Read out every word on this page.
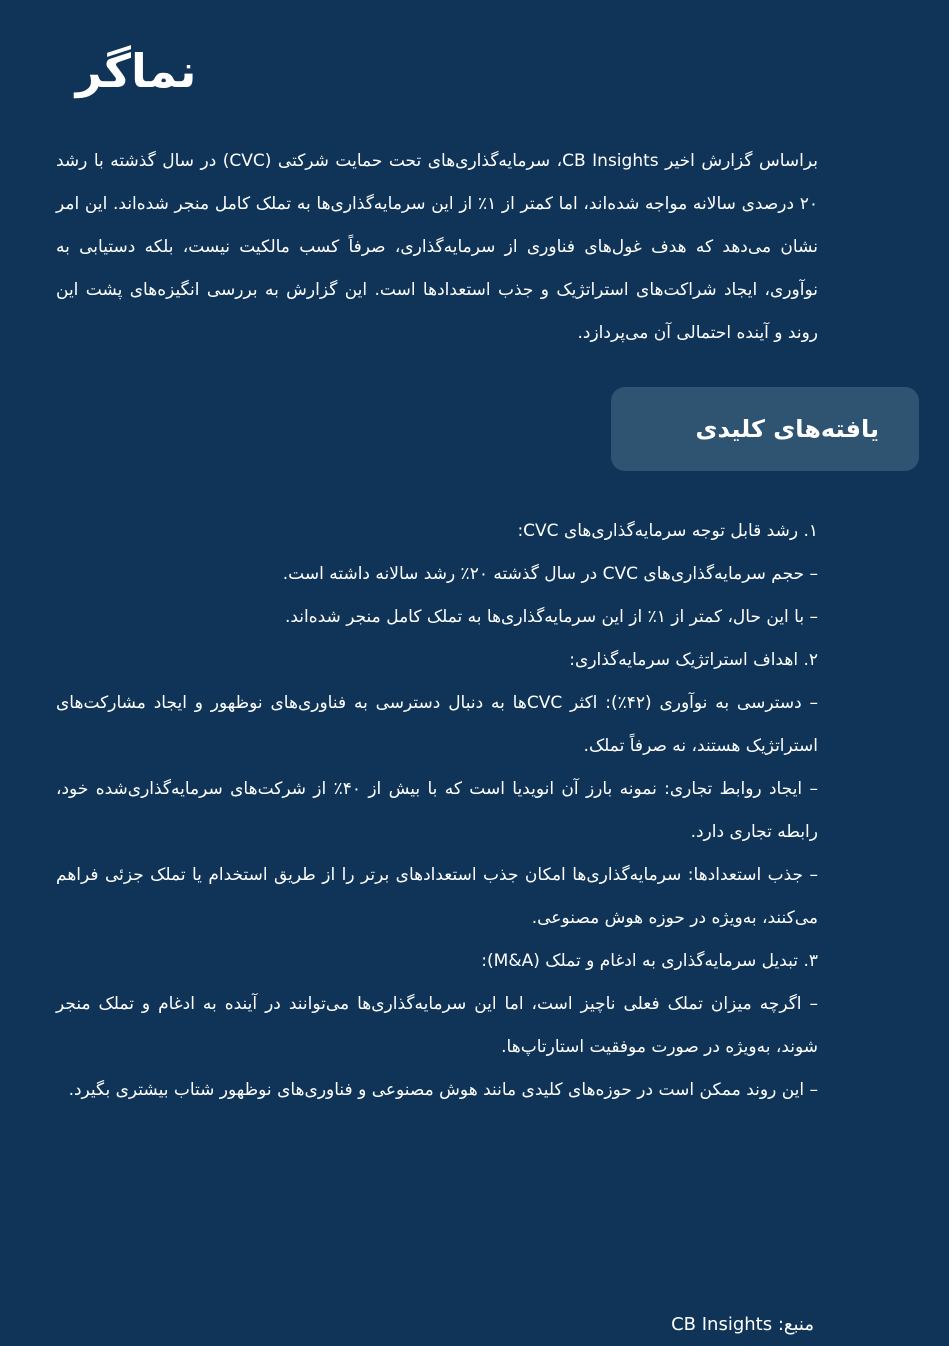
نماگر
براساس گزارش اخیر CB Insights، سرمایه‌گذاری‌های تحت حمایت شرکتی (CVC) در سال گذشته با رشد ۲۰ درصدی سالانه مواجه شده‌اند، اما کمتر از ۱٪ از این سرمایه‌گذاری‌ها به تملک کامل منجر شده‌اند. این امر نشان می‌دهد که هدف غول‌های فناوری از سرمایه‌گذاری، صرفاً کسب مالکیت نیست، بلکه دستیابی به نوآوری، ایجاد شراکت‌های استراتژیک و جذب استعدادها است. این گزارش به بررسی انگیزه‌های پشت این روند و آینده احتمالی آن می‌پردازد.
یافته‌های کلیدی

۱. رشد قابل توجه سرمایه‌گذاری‌های CVC:

– حجم سرمایه‌گذاری‌های CVC در سال گذشته ۲۰٪ رشد سالانه داشته است.

– با این حال، کمتر از ۱٪ از این سرمایه‌گذاری‌ها به تملک کامل منجر شده‌اند.

۲. اهداف استراتژیک سرمایه‌گذاری:

– دسترسی به نوآوری (۴۲٪): اکثر CVCها به دنبال دسترسی به فناوری‌های نوظهور و ایجاد مشارکت‌های استراتژیک هستند، نه صرفاً تملک.

– ایجاد روابط تجاری: نمونه بارز آن انویدیا است که با بیش از ۴۰٪ از شرکت‌های سرمایه‌گذاری‌شده خود، رابطه تجاری دارد.

– جذب استعدادها: سرمایه‌گذاری‌ها امکان جذب استعدادهای برتر را از طریق استخدام یا تملک جزئی فراهم می‌کنند، به‌ویژه در حوزه هوش مصنوعی.

۳. تبدیل سرمایه‌گذاری به ادغام و تملک (M&A):

– اگرچه میزان تملک فعلی ناچیز است، اما این سرمایه‌گذاری‌ها می‌توانند در آینده به ادغام و تملک منجر شوند، به‌ویژه در صورت موفقیت استارتاپ‌ها.

– این روند ممکن است در حوزه‌های کلیدی مانند هوش مصنوعی و فناوری‌های نوظهور شتاب بیشتری بگیرد.

منبع: CB Insights
